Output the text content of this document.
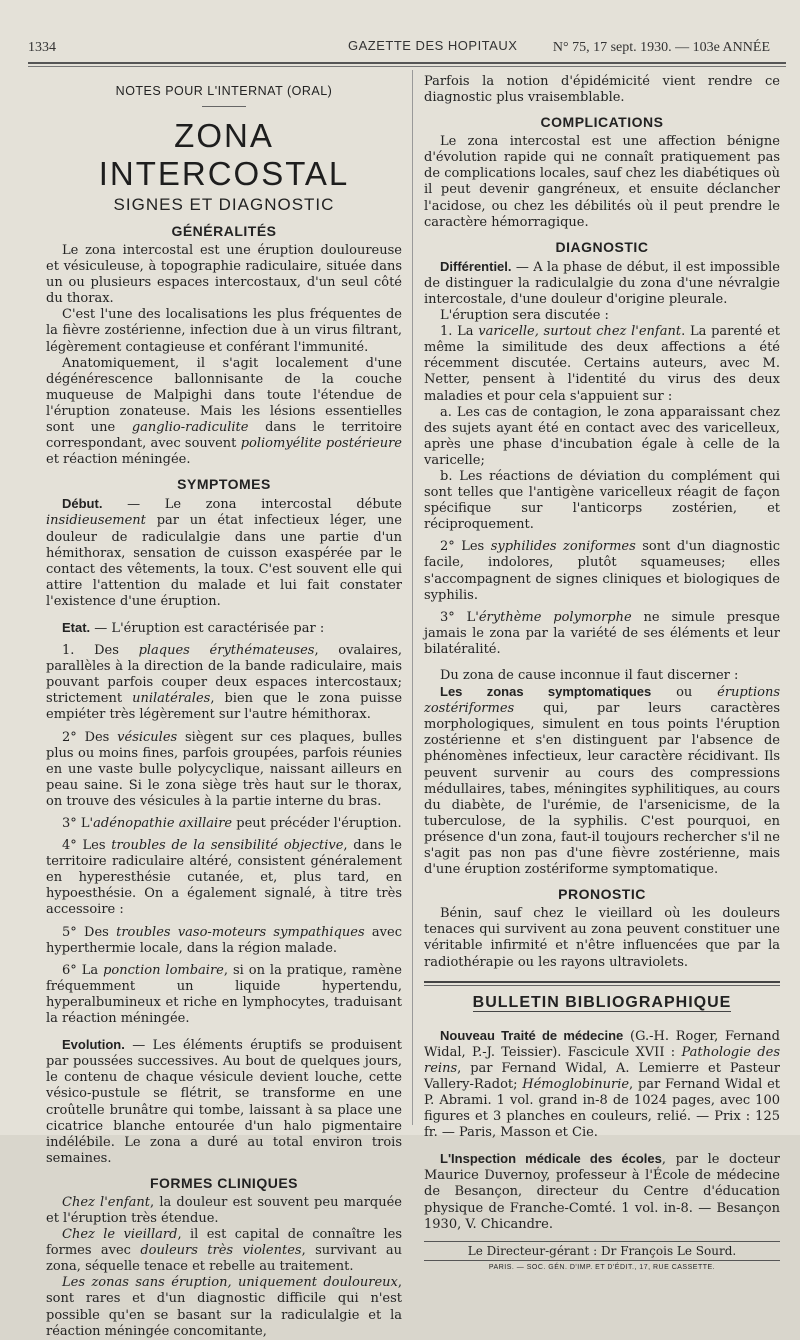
1334	GAZETTE DES HOPITAUX	N° 75, 17 sept. 1930. — 103e ANNÉE
NOTES POUR L'INTERNAT (ORAL)
ZONA INTERCOSTAL
SIGNES ET DIAGNOSTIC
GÉNÉRALITÉS

Le zona intercostal est une éruption douloureuse et vésiculeuse, à topographie radiculaire, située dans un ou plusieurs espaces intercostaux, d'un seul côté du thorax.

C'est l'une des localisations les plus fréquentes de la fièvre zostérienne, infection due à un virus filtrant, légèrement contagieuse et conférant l'immunité.

Anatomiquement, il s'agit localement d'une dégénérescence ballonnisante de la couche muqueuse de Malpighi dans toute l'étendue de l'éruption zonateuse. Mais les lésions essentielles sont une ganglio-radiculite dans le territoire correspondant, avec souvent poliomyélite postérieure et réaction méningée.

SYMPTOMES

Début. — Le zona intercostal débute insidieusement par un état infectieux léger, une douleur de radiculalgie dans une partie d'un hémithorax, sensation de cuisson exaspérée par le contact des vêtements, la toux. C'est souvent elle qui attire l'attention du malade et lui fait constater l'existence d'une éruption.

Etat. — L'éruption est caractérisée par :

1. Des plaques érythémateuses, ovalaires, parallèles à la direction de la bande radiculaire, mais pouvant parfois couper deux espaces intercostaux; strictement unilatérales, bien que le zona puisse empiéter très légèrement sur l'autre hémithorax.

2° Des vésicules siègent sur ces plaques, bulles plus ou moins fines, parfois groupées, parfois réunies en une vaste bulle polycyclique, naissant ailleurs en peau saine. Si le zona siège très haut sur le thorax, on trouve des vésicules à la partie interne du bras.

3° L'adénopathie axillaire peut précéder l'éruption.

4° Les troubles de la sensibilité objective, dans le territoire radiculaire altéré, consistent généralement en hyperesthésie cutanée, et, plus tard, en hypoesthésie. On a également signalé, à titre très accessoire :

5° Des troubles vaso-moteurs sympathiques avec hyperthermie locale, dans la région malade.

6° La ponction lombaire, si on la pratique, ramène fréquemment un liquide hypertendu, hyperalbumineux et riche en lymphocytes, traduisant la réaction méningée.

Evolution. — Les éléments éruptifs se produisent par poussées successives. Au bout de quelques jours, le contenu de chaque vésicule devient louche, cette vésico-pustule se flétrit, se transforme en une croûtelle brunâtre qui tombe, laissant à sa place une cicatrice blanche entourée d'un halo pigmentaire indélébile. Le zona a duré au total environ trois semaines.

FORMES CLINIQUES

Chez l'enfant, la douleur est souvent peu marquée et l'éruption très étendue.

Chez le vieillard, il est capital de connaître les formes avec douleurs très violentes, survivant au zona, séquelle tenace et rebelle au traitement.

Les zonas sans éruption, uniquement douloureux, sont rares et d'un diagnostic difficile qui n'est possible qu'en se basant sur la radiculalgie et la réaction méningée concomitante,

Parfois la notion d'épidémicité vient rendre ce diagnostic plus vraisemblable.

COMPLICATIONS

Le zona intercostal est une affection bénigne d'évolution rapide qui ne connaît pratiquement pas de complications locales, sauf chez les diabétiques où il peut devenir gangréneux, et ensuite déclancher l'acidose, ou chez les débilités où il peut prendre le caractère hémorragique.

DIAGNOSTIC

Différentiel. — A la phase de début, il est impossible de distinguer la radiculalgie du zona d'une névralgie intercostale, d'une douleur d'origine pleurale.

L'éruption sera discutée :

1. La varicelle, surtout chez l'enfant. La parenté et même la similitude des deux affections a été récemment discutée. Certains auteurs, avec M. Netter, pensent à l'identité du virus des deux maladies et pour cela s'appuient sur :

a. Les cas de contagion, le zona apparaissant chez des sujets ayant été en contact avec des varicelleux, après une phase d'incubation égale à celle de la varicelle;

b. Les réactions de déviation du complément qui sont telles que l'antigène varicelleux réagit de façon spécifique sur l'anticorps zostérien, et réciproquement.

2° Les syphilides zoniformes sont d'un diagnostic facile, indolores, plutôt squameuses; elles s'accompagnent de signes cliniques et biologiques de syphilis.

3° L'érythème polymorphe ne simule presque jamais le zona par la variété de ses éléments et leur bilatéralité.

Du zona de cause inconnue il faut discerner :

Les zonas symptomatiques ou éruptions zostériformes qui, par leurs caractères morphologiques, simulent en tous points l'éruption zostérienne et s'en distinguent par l'absence de phénomènes infectieux, leur caractère récidivant. Ils peuvent survenir au cours des compressions médullaires, tabes, méningites syphilitiques, au cours du diabète, de l'urémie, de l'arsenicisme, de la tuberculose, de la syphilis. C'est pourquoi, en présence d'un zona, faut-il toujours rechercher s'il ne s'agit pas non pas d'une fièvre zostérienne, mais d'une éruption zostériforme symptomatique.

PRONOSTIC

Bénin, sauf chez le vieillard où les douleurs tenaces qui survivent au zona peuvent constituer une véritable infirmité et n'être influencées que par la radiothérapie ou les rayons ultraviolets.

BULLETIN BIBLIOGRAPHIQUE

Nouveau Traité de médecine (G.-H. Roger, Fernand Widal, P.-J. Teissier). Fascicule XVII : Pathologie des reins, par Fernand Widal, A. Lemierre et Pasteur Vallery-Radot; Hémoglobinurie, par Fernand Widal et P. Abrami. 1 vol. grand in-8 de 1024 pages, avec 100 figures et 3 planches en couleurs, relié. — Prix : 125 fr. — Paris, Masson et Cie.

L'Inspection médicale des écoles, par le docteur Maurice Duvernoy, professeur à l'École de médecine de Besançon, directeur du Centre d'éducation physique de Franche-Comté. 1 vol. in-8. — Besançon 1930, V. Chicandre.

Le Directeur-gérant : Dr François Le Sourd.
PARIS. — SOC. GÉN. D'IMP. ET D'ÉDIT., 17, RUE CASSETTE.
